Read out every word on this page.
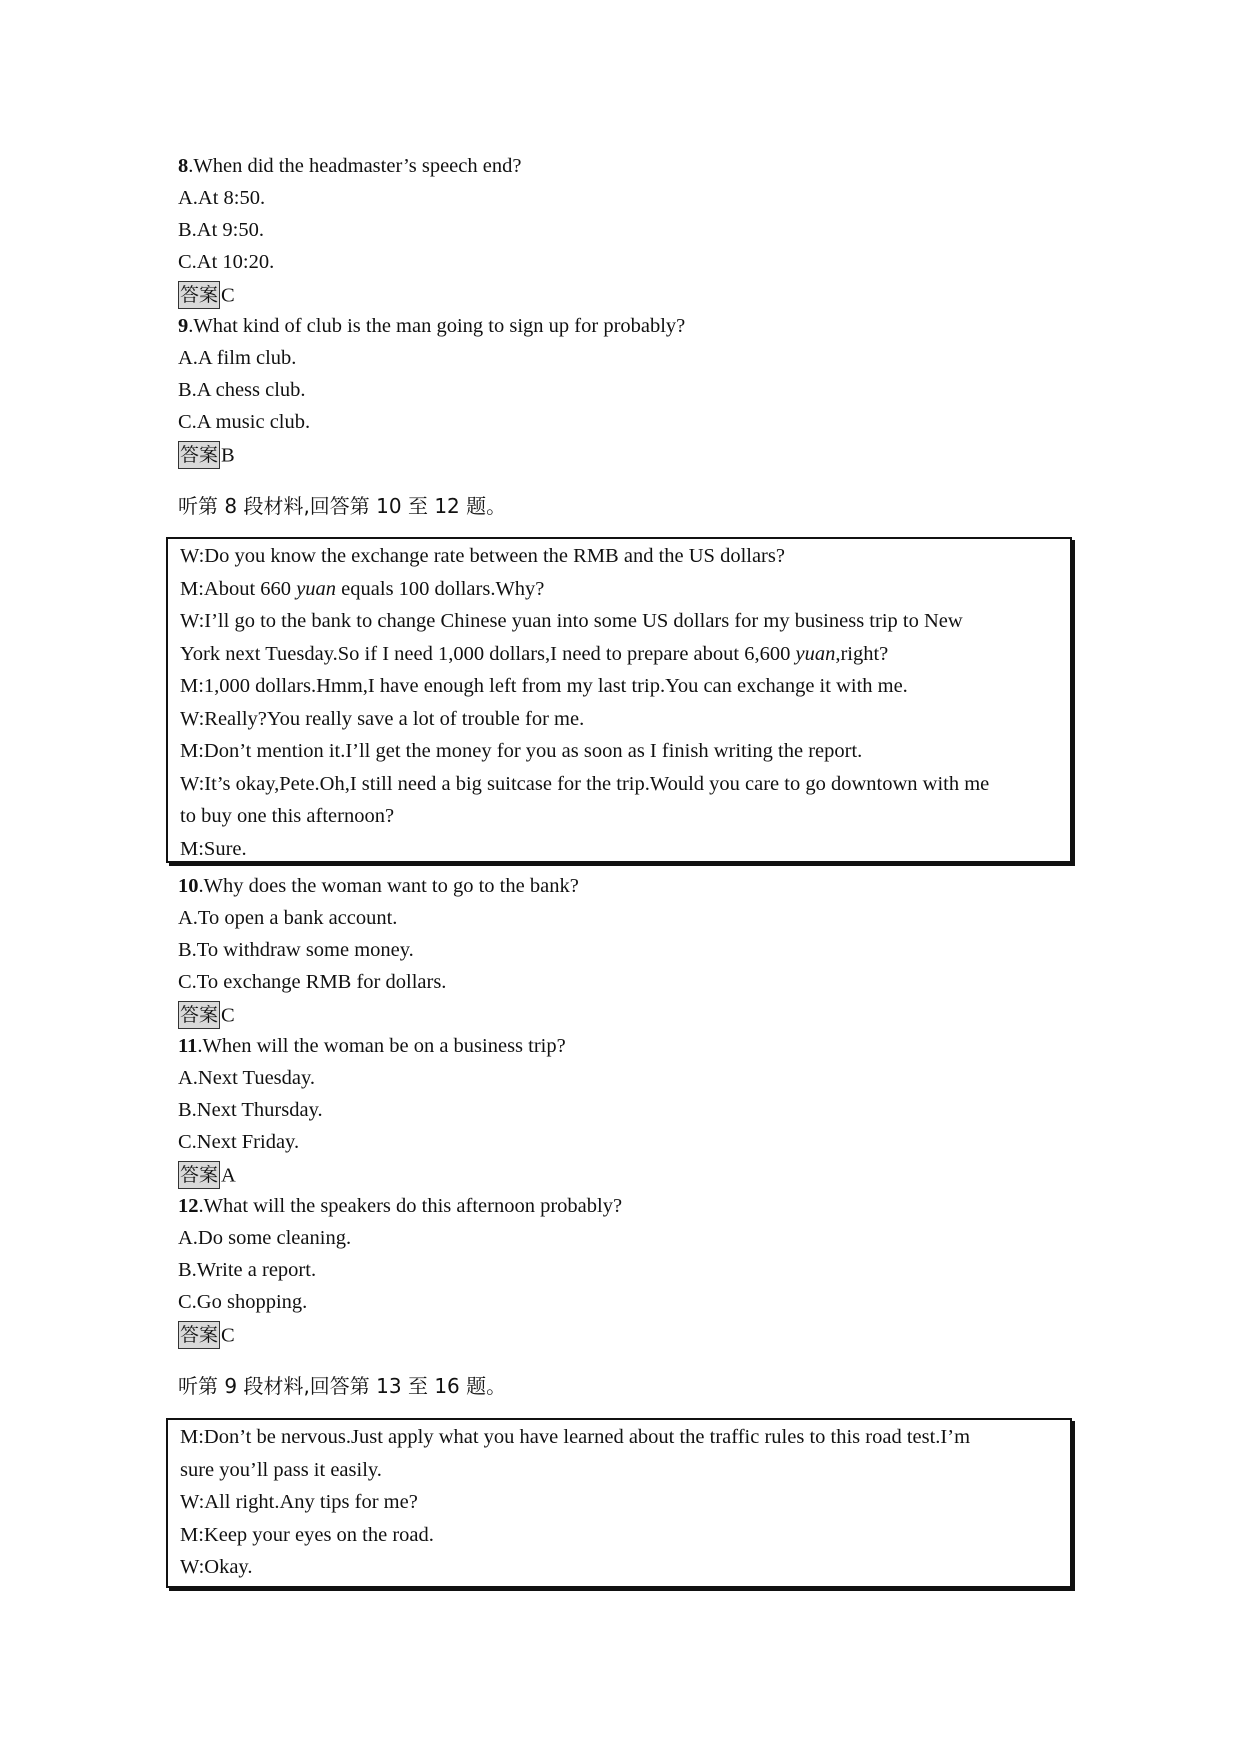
8.When did the headmaster’s speech end?
A.At 8:50.
B.At 9:50.
C.At 10:20.
答案 C
9.What kind of club is the man going to sign up for probably?
A.A film club.
B.A chess club.
C.A music club.
答案 B
听第 8 段材料,回答第 10 至 12 题。
W:Do you know the exchange rate between the RMB and the US dollars?
M:About 660 yuan equals 100 dollars.Why?
W:I’ll go to the bank to change Chinese yuan into some US dollars for my business trip to New
York next Tuesday.So if I need 1,000 dollars,I need to prepare about 6,600 yuan,right?
M:1,000 dollars.Hmm,I have enough left from my last trip.You can exchange it with me.
W:Really?You really save a lot of trouble for me.
M:Don’t mention it.I’ll get the money for you as soon as I finish writing the report.
W:It’s okay,Pete.Oh,I still need a big suitcase for the trip.Would you care to go downtown with me
to buy one this afternoon?
M:Sure.
10.Why does the woman want to go to the bank?
A.To open a bank account.
B.To withdraw some money.
C.To exchange RMB for dollars.
答案 C
11.When will the woman be on a business trip?
A.Next Tuesday.
B.Next Thursday.
C.Next Friday.
答案 A
12.What will the speakers do this afternoon probably?
A.Do some cleaning.
B.Write a report.
C.Go shopping.
答案 C
听第 9 段材料,回答第 13 至 16 题。
M:Don’t be nervous.Just apply what you have learned about the traffic rules to this road test.I’m
sure you’ll pass it easily.
W:All right.Any tips for me?
M:Keep your eyes on the road.
W:Okay.
